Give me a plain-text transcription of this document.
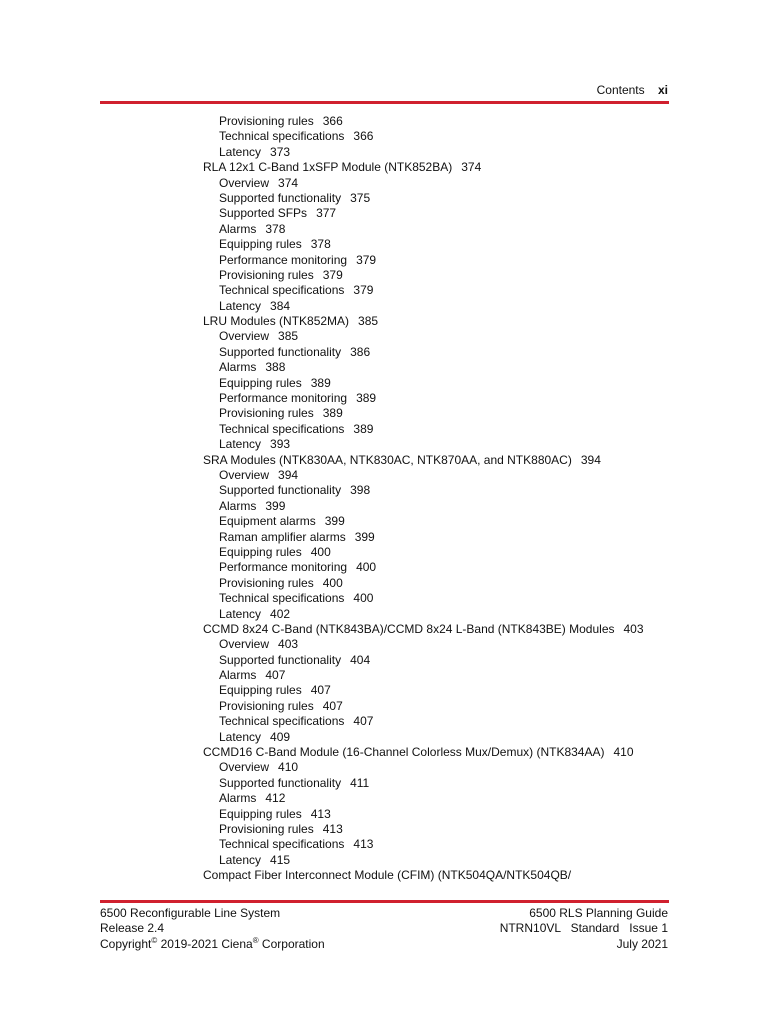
Contents xi
Provisioning rules 366
Technical specifications 366
Latency 373
RLA 12x1 C-Band 1xSFP Module (NTK852BA) 374
Overview 374
Supported functionality 375
Supported SFPs 377
Alarms 378
Equipping rules 378
Performance monitoring 379
Provisioning rules 379
Technical specifications 379
Latency 384
LRU Modules (NTK852MA) 385
Overview 385
Supported functionality 386
Alarms 388
Equipping rules 389
Performance monitoring 389
Provisioning rules 389
Technical specifications 389
Latency 393
SRA Modules (NTK830AA, NTK830AC, NTK870AA, and NTK880AC) 394
Overview 394
Supported functionality 398
Alarms 399
Equipment alarms 399
Raman amplifier alarms 399
Equipping rules 400
Performance monitoring 400
Provisioning rules 400
Technical specifications 400
Latency 402
CCMD 8x24 C-Band (NTK843BA)/CCMD 8x24 L-Band (NTK843BE) Modules 403
Overview 403
Supported functionality 404
Alarms 407
Equipping rules 407
Provisioning rules 407
Technical specifications 407
Latency 409
CCMD16 C-Band Module (16-Channel Colorless Mux/Demux) (NTK834AA) 410
Overview 410
Supported functionality 411
Alarms 412
Equipping rules 413
Provisioning rules 413
Technical specifications 413
Latency 415
Compact Fiber Interconnect Module (CFIM) (NTK504QA/NTK504QB/
6500 Reconfigurable Line System
Release 2.4
Copyright© 2019-2021 Ciena® Corporation
6500 RLS Planning Guide
NTRN10VL   Standard   Issue 1
July 2021
